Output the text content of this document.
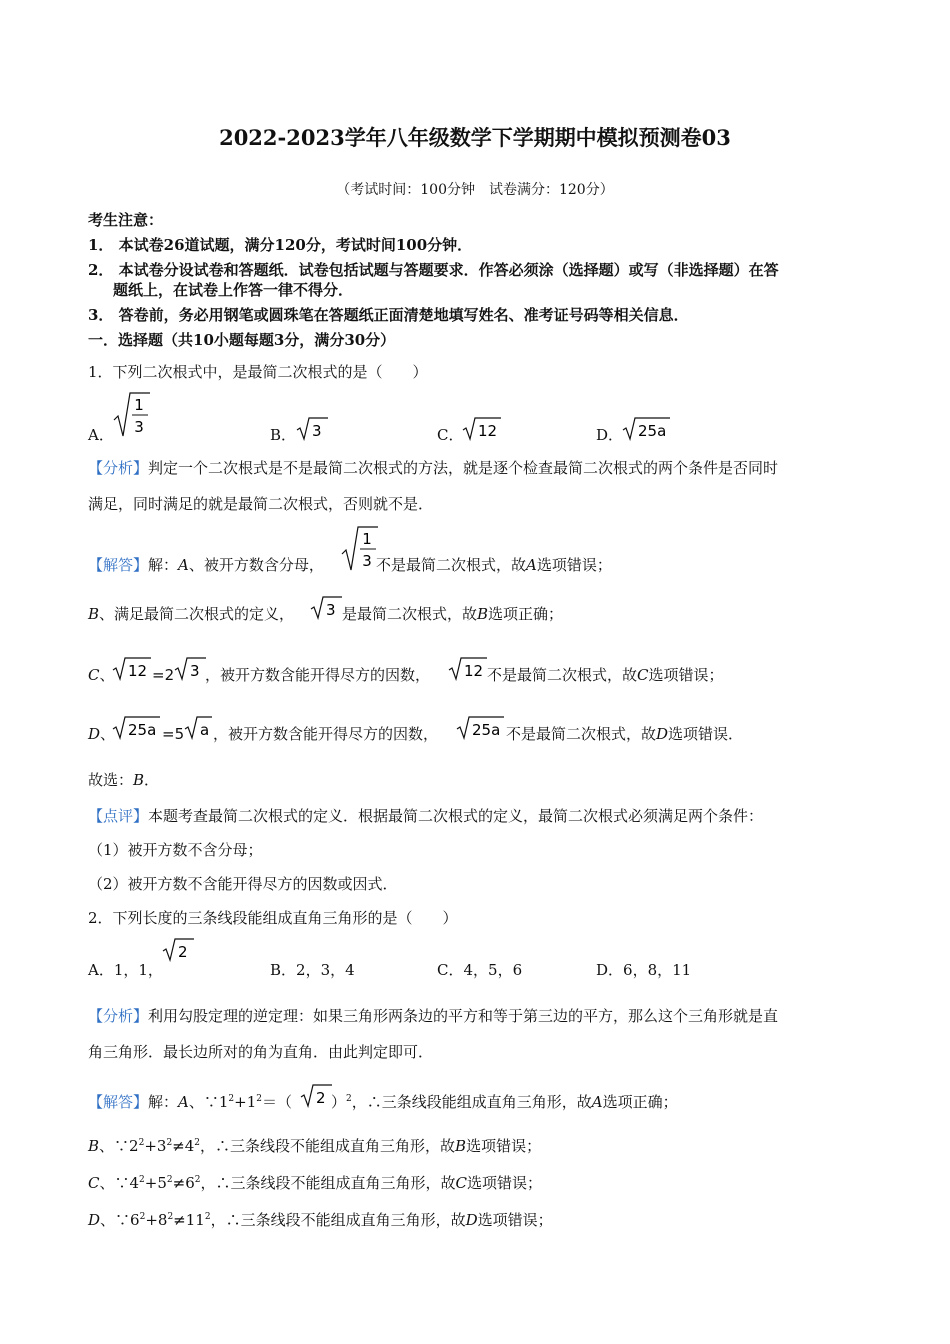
2022-2023学年八年级数学下学期期中模拟预测卷03
（考试时间：100分钟　试卷满分：120分）
考生注意：
1． 本试卷26道试题，满分120分，考试时间100分钟．
2． 本试卷分设试卷和答题纸．试卷包括试题与答题要求．作答必须涂（选择题）或写（非选择题）在答
题纸上，在试卷上作答一律不得分．
3． 答卷前，务必用钢笔或圆珠笔在答题纸正面清楚地填写姓名、准考证号码等相关信息．
一．选择题（共10小题每题3分，满分30分）
1．下列二次根式中，是最简二次根式的是（　　）
A．
1
3	B． 3	C． 12	D． 25a
【分析】判定一个二次根式是不是最简二次根式的方法，就是逐个检查最简二次根式的两个条件是否同时
满足，同时满足的就是最简二次根式，否则就不是．
【解答】解：A、被开方数含分母，
1
3 不是最简二次根式，故A选项错误；
B、满足最简二次根式的定义， 3 是最简二次根式，故B选项正确；
C、 12 =2 3 ，被开方数含能开得尽方的因数， 12 不是最简二次根式，故C选项错误；
D、 25a =5 a ，被开方数含能开得尽方的因数， 25a 不是最简二次根式，故D选项错误．
故选：B．
【点评】本题考查最简二次根式的定义．根据最简二次根式的定义，最简二次根式必须满足两个条件：
（1）被开方数不含分母；
（2）被开方数不含能开得尽方的因数或因式．
2．下列长度的三条线段能组成直角三角形的是（　　）
A．1，1，
2
B．2，3，4	C．4，5，6	D．6，8，11
【分析】利用勾股定理的逆定理：如果三角形两条边的平方和等于第三边的平方，那么这个三角形就是直
角三角形．最长边所对的角为直角．由此判定即可．
【解答】解：A、$\because 1^2+1^2=$（ 2 ）$^2$，∴三条线段能组成直角三角形，故A选项正确；
B、$\because 2^2+3^2\ne 4^2$，∴三条线段不能组成直角三角形，故B选项错误；
C、$\because 4^2+5^2\ne 6^2$，∴三条线段不能组成直角三角形，故C选项错误；
D、$\because 6^2+8^2\ne 11^2$，∴三条线段不能组成直角三角形，故D选项错误；
